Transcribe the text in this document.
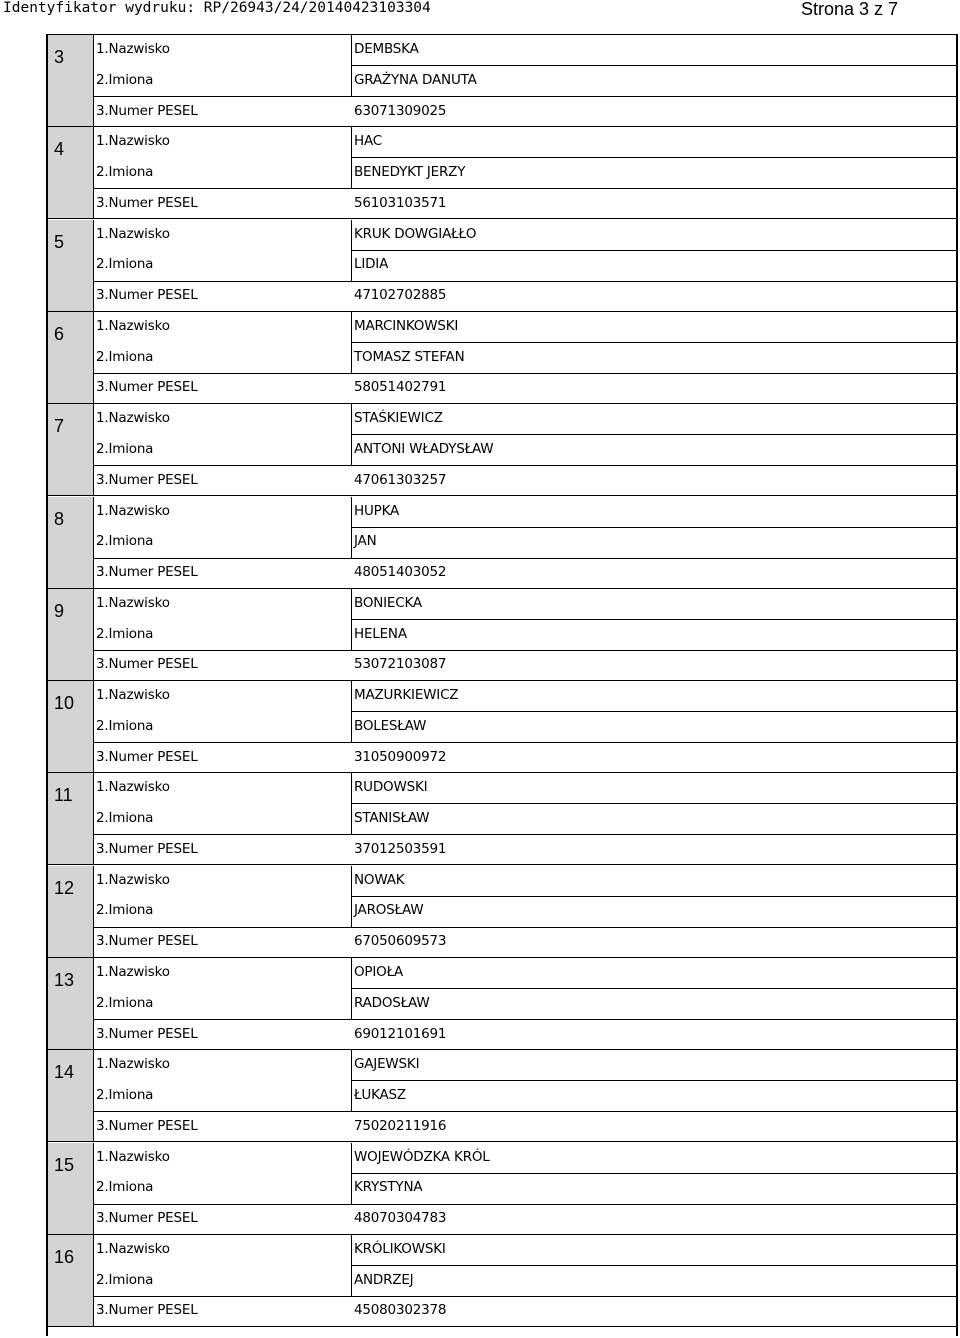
Identyfikator wydruku: RP/26943/24/20140423103304	Strona 3 z 7
3 1.Nazwisko	DEMBSKA
2.Imiona	GRAŻYNA DANUTA
3.Numer PESEL	63071309025
4 1.Nazwisko	HAC
2.Imiona	BENEDYKT JERZY
3.Numer PESEL	56103103571
5 1.Nazwisko	KRUK DOWGIAŁŁO
2.Imiona	LIDIA
3.Numer PESEL	47102702885
6 1.Nazwisko	MARCINKOWSKI
2.Imiona	TOMASZ STEFAN
3.Numer PESEL	58051402791
7 1.Nazwisko	STAŚKIEWICZ
2.Imiona	ANTONI WŁADYSŁAW
3.Numer PESEL	47061303257
8 1.Nazwisko	HUPKA
2.Imiona	JAN
3.Numer PESEL	48051403052
9 1.Nazwisko	BONIECKA
2.Imiona	HELENA
3.Numer PESEL	53072103087
10 1.Nazwisko	MAZURKIEWICZ
2.Imiona	BOLESŁAW
3.Numer PESEL	31050900972
11 1.Nazwisko	RUDOWSKI
2.Imiona	STANISŁAW
3.Numer PESEL	37012503591
12 1.Nazwisko	NOWAK
2.Imiona	JAROSŁAW
3.Numer PESEL	67050609573
13 1.Nazwisko	OPIOŁA
2.Imiona	RADOSŁAW
3.Numer PESEL	69012101691
14 1.Nazwisko	GAJEWSKI
2.Imiona	ŁUKASZ
3.Numer PESEL	75020211916
15 1.Nazwisko	WOJEWÓDZKA KRÓL
2.Imiona	KRYSTYNA
3.Numer PESEL	48070304783
16 1.Nazwisko	KRÓLIKOWSKI
2.Imiona	ANDRZEJ
3.Numer PESEL	45080302378
